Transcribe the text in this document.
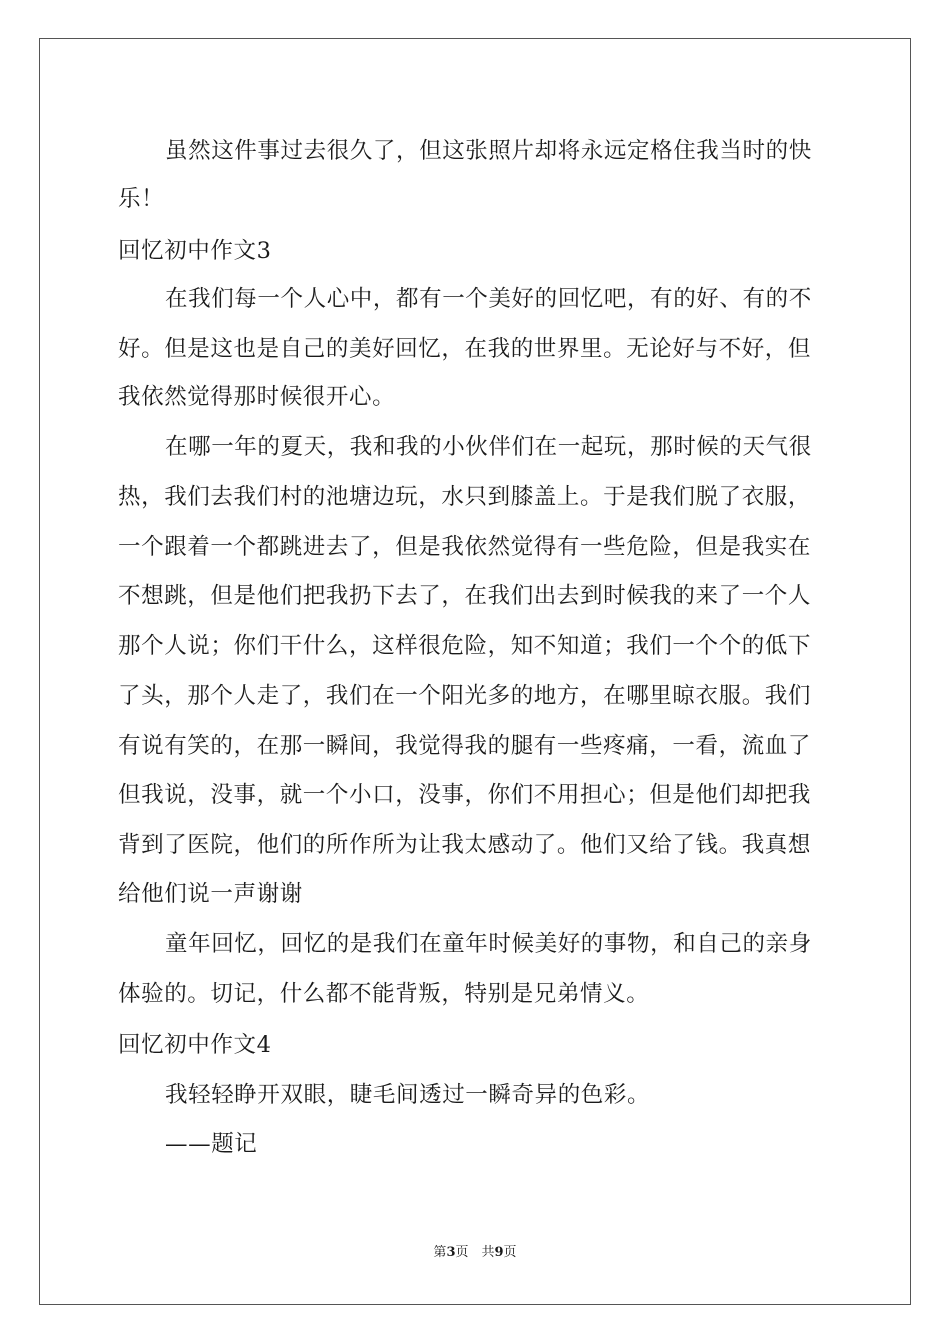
虽然这件事过去很久了，但这张照片却将永远定格住我当时的快
乐！
回忆初中作文3
在我们每一个人心中，都有一个美好的回忆吧，有的好、有的不
好。但是这也是自己的美好回忆，在我的世界里。无论好与不好，但
我依然觉得那时候很开心。
在哪一年的夏天，我和我的小伙伴们在一起玩，那时候的天气很
热，我们去我们村的池塘边玩，水只到膝盖上。于是我们脱了衣服，
一个跟着一个都跳进去了，但是我依然觉得有一些危险，但是我实在
不想跳，但是他们把我扔下去了，在我们出去到时候我的来了一个人
那个人说；你们干什么，这样很危险，知不知道；我们一个个的低下
了头，那个人走了，我们在一个阳光多的地方，在哪里晾衣服。我们
有说有笑的，在那一瞬间，我觉得我的腿有一些疼痛，一看，流血了
但我说，没事，就一个小口，没事，你们不用担心；但是他们却把我
背到了医院，他们的所作所为让我太感动了。他们又给了钱。我真想
给他们说一声谢谢
童年回忆，回忆的是我们在童年时候美好的事物，和自己的亲身
体验的。切记，什么都不能背叛，特别是兄弟情义。
回忆初中作文4
我轻轻睁开双眼，睫毛间透过一瞬奇异的色彩。
——题记
第3页　共9页
